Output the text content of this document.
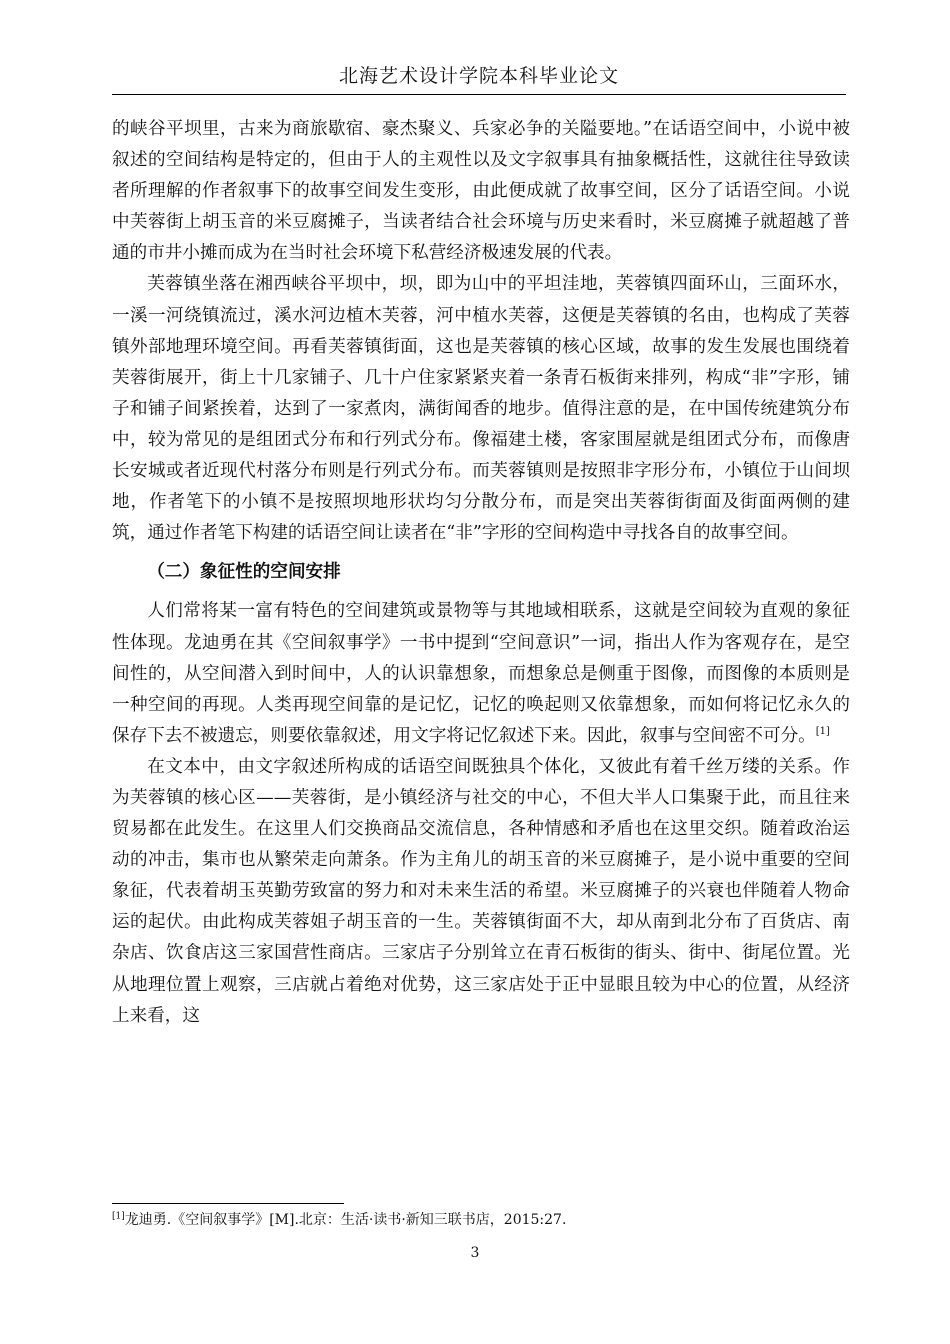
北海艺术设计学院本科毕业论文

的峡谷平坝里，古来为商旅歇宿、豪杰聚义、兵家必争的关隘要地。”在话语空间中，小说中被叙述的空间结构是特定的，但由于人的主观性以及文字叙事具有抽象概括性，这就往往导致读者所理解的作者叙事下的故事空间发生变形，由此便成就了故事空间，区分了话语空间。小说中芙蓉街上胡玉音的米豆腐摊子，当读者结合社会环境与历史来看时，米豆腐摊子就超越了普通的市井小摊而成为在当时社会环境下私营经济极速发展的代表。

芙蓉镇坐落在湘西峡谷平坝中，坝，即为山中的平坦洼地，芙蓉镇四面环山，三面环水，一溪一河绕镇流过，溪水河边植木芙蓉，河中植水芙蓉，这便是芙蓉镇的名由，也构成了芙蓉镇外部地理环境空间。再看芙蓉镇街面，这也是芙蓉镇的核心区域，故事的发生发展也围绕着芙蓉街展开，街上十几家铺子、几十户住家紧紧夹着一条青石板街来排列，构成“非”字形，铺子和铺子间紧挨着，达到了一家煮肉，满街闻香的地步。值得注意的是，在中国传统建筑分布中，较为常见的是组团式分布和行列式分布。像福建土楼，客家围屋就是组团式分布，而像唐长安城或者近现代村落分布则是行列式分布。而芙蓉镇则是按照非字形分布，小镇位于山间坝地，作者笔下的小镇不是按照坝地形状均匀分散分布，而是突出芙蓉街街面及街面两侧的建筑，通过作者笔下构建的话语空间让读者在“非”字形的空间构造中寻找各自的故事空间。

（二）象征性的空间安排

人们常将某一富有特色的空间建筑或景物等与其地域相联系，这就是空间较为直观的象征性体现。龙迪勇在其《空间叙事学》一书中提到“空间意识”一词，指出人作为客观存在，是空间性的，从空间潜入到时间中，人的认识靠想象，而想象总是侧重于图像，而图像的本质则是一种空间的再现。人类再现空间靠的是记忆，记忆的唤起则又依靠想象，而如何将记忆永久的保存下去不被遗忘，则要依靠叙述，用文字将记忆叙述下来。因此，叙事与空间密不可分。[1]

在文本中，由文字叙述所构成的话语空间既独具个体化，又彼此有着千丝万缕的关系。作为芙蓉镇的核心区——芙蓉街，是小镇经济与社交的中心，不但大半人口集聚于此，而且往来贸易都在此发生。在这里人们交换商品交流信息，各种情感和矛盾也在这里交织。随着政治运动的冲击，集市也从繁荣走向萧条。作为主角儿的胡玉音的米豆腐摊子，是小说中重要的空间象征，代表着胡玉英勤劳致富的努力和对未来生活的希望。米豆腐摊子的兴衰也伴随着人物命运的起伏。由此构成芙蓉姐子胡玉音的一生。芙蓉镇街面不大，却从南到北分布了百货店、南杂店、饮食店这三家国营性商店。三家店子分别耸立在青石板街的街头、街中、街尾位置。光从地理位置上观察，三店就占着绝对优势，这三家店处于正中显眼且较为中心的位置，从经济上来看，这

[1]龙迪勇.《空间叙事学》[M].北京：生活·读书·新知三联书店，2015:27.
3
